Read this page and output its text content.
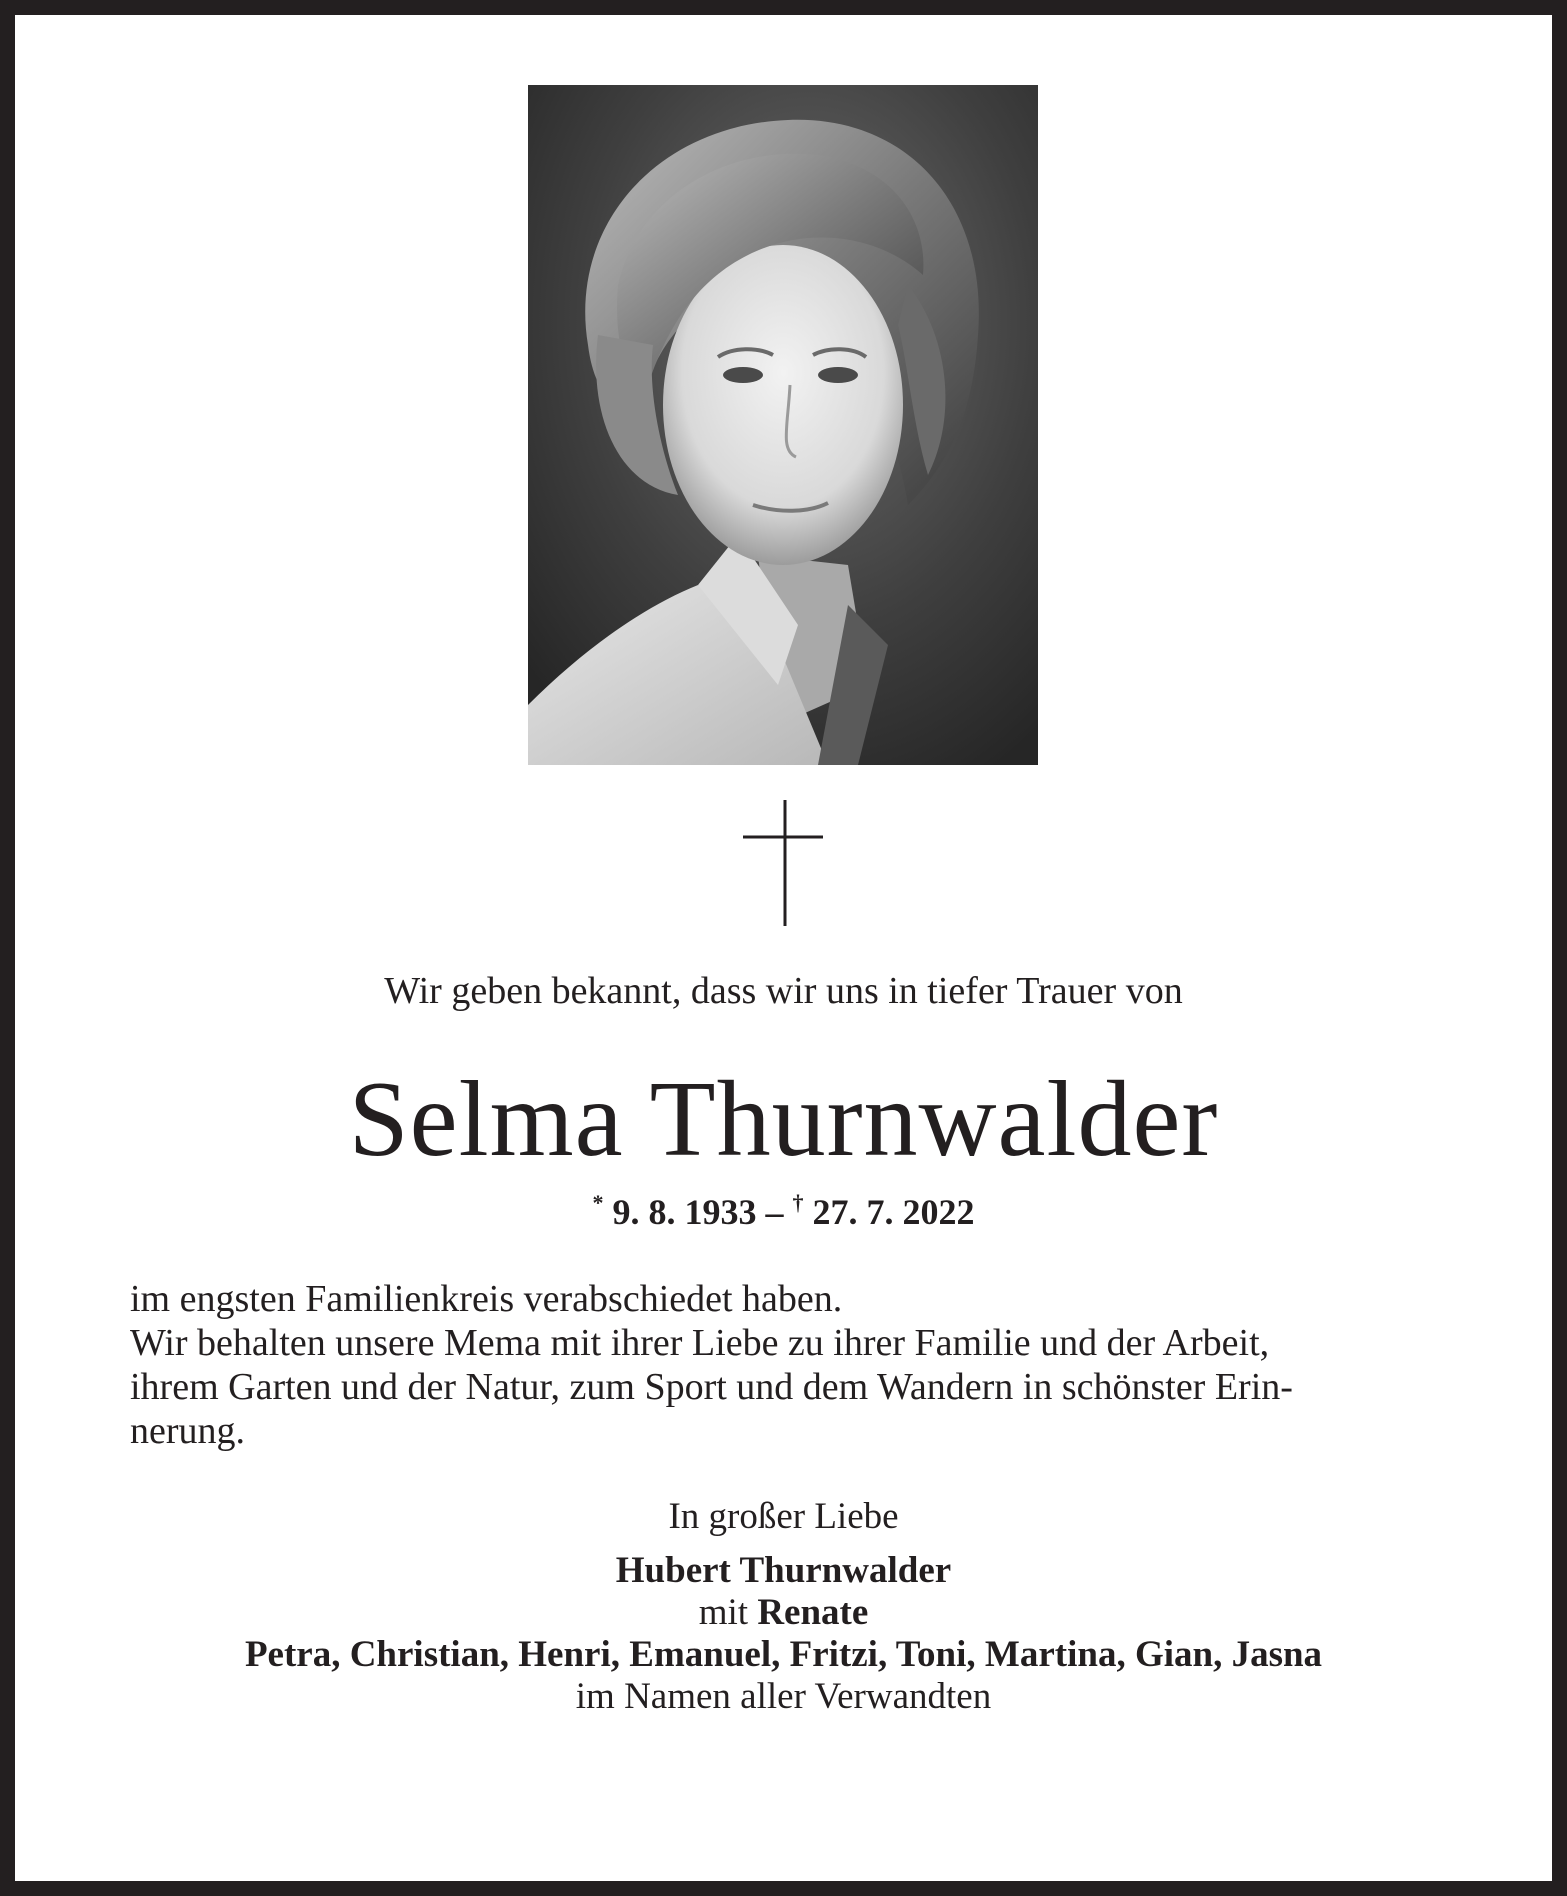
Wir geben bekannt, dass wir uns in tiefer Trauer von
Selma Thurnwalder
* 9. 8. 1933 – † 27. 7. 2022

im engsten Familienkreis verabschiedet haben.

Wir behalten unsere Mema mit ihrer Liebe zu ihrer Familie und der Arbeit,

ihrem Garten und der Natur, zum Sport und dem Wandern in schönster Erin-

nerung.

In großer Liebe

Hubert Thurnwalder

mit Renate

Petra, Christian, Henri, Emanuel, Fritzi, Toni, Martina, Gian, Jasna

im Namen aller Verwandten
